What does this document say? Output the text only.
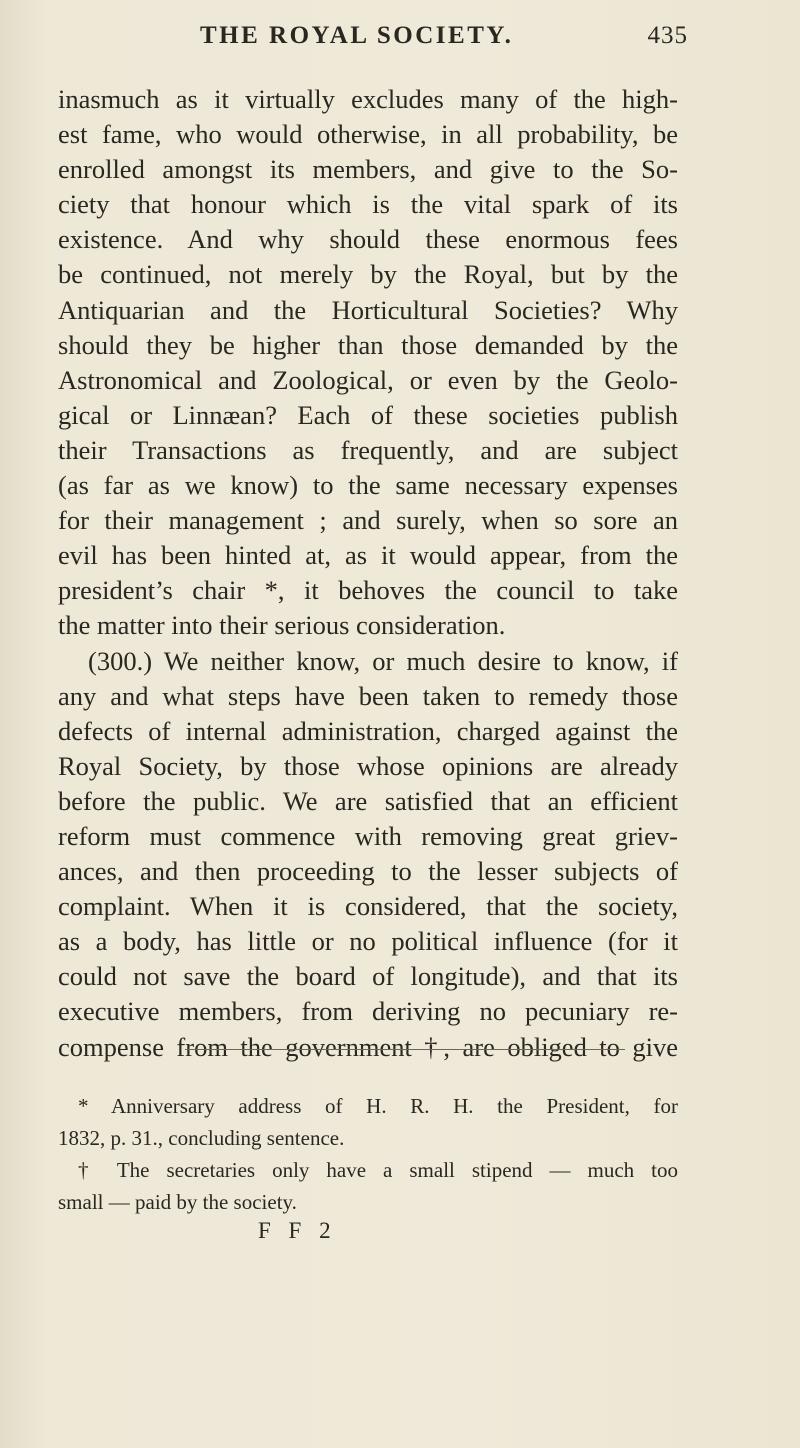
THE ROYAL SOCIETY.	435
inasmuch as it virtually excludes many of the high-
est fame, who would otherwise, in all probability, be
enrolled amongst its members, and give to the So-
ciety that honour which is the vital spark of its
existence. And why should these enormous fees
be continued, not merely by the Royal, but by the
Antiquarian and the Horticultural Societies? Why
should they be higher than those demanded by the
Astronomical and Zoological, or even by the Geolo-
gical or Linnæan? Each of these societies publish
their Transactions as frequently, and are subject
(as far as we know) to the same necessary expenses
for their management ; and surely, when so sore an
evil has been hinted at, as it would appear, from the
president’s chair *, it behoves the council to take
the matter into their serious consideration.
(300.) We neither know, or much desire to know, if
any and what steps have been taken to remedy those
defects of internal administration, charged against the
Royal Society, by those whose opinions are already
before the public. We are satisfied that an efficient
reform must commence with removing great griev-
ances, and then proceeding to the lesser subjects of
complaint. When it is considered, that the society,
as a body, has little or no political influence (for it
could not save the board of longitude), and that its
executive members, from deriving no pecuniary re-
compense from the government †, are obliged to give
* Anniversary address of H. R. H. the President, for
1832, p. 31., concluding sentence.
† The secretaries only have a small stipend — much too
small — paid by the society.
F F 2
